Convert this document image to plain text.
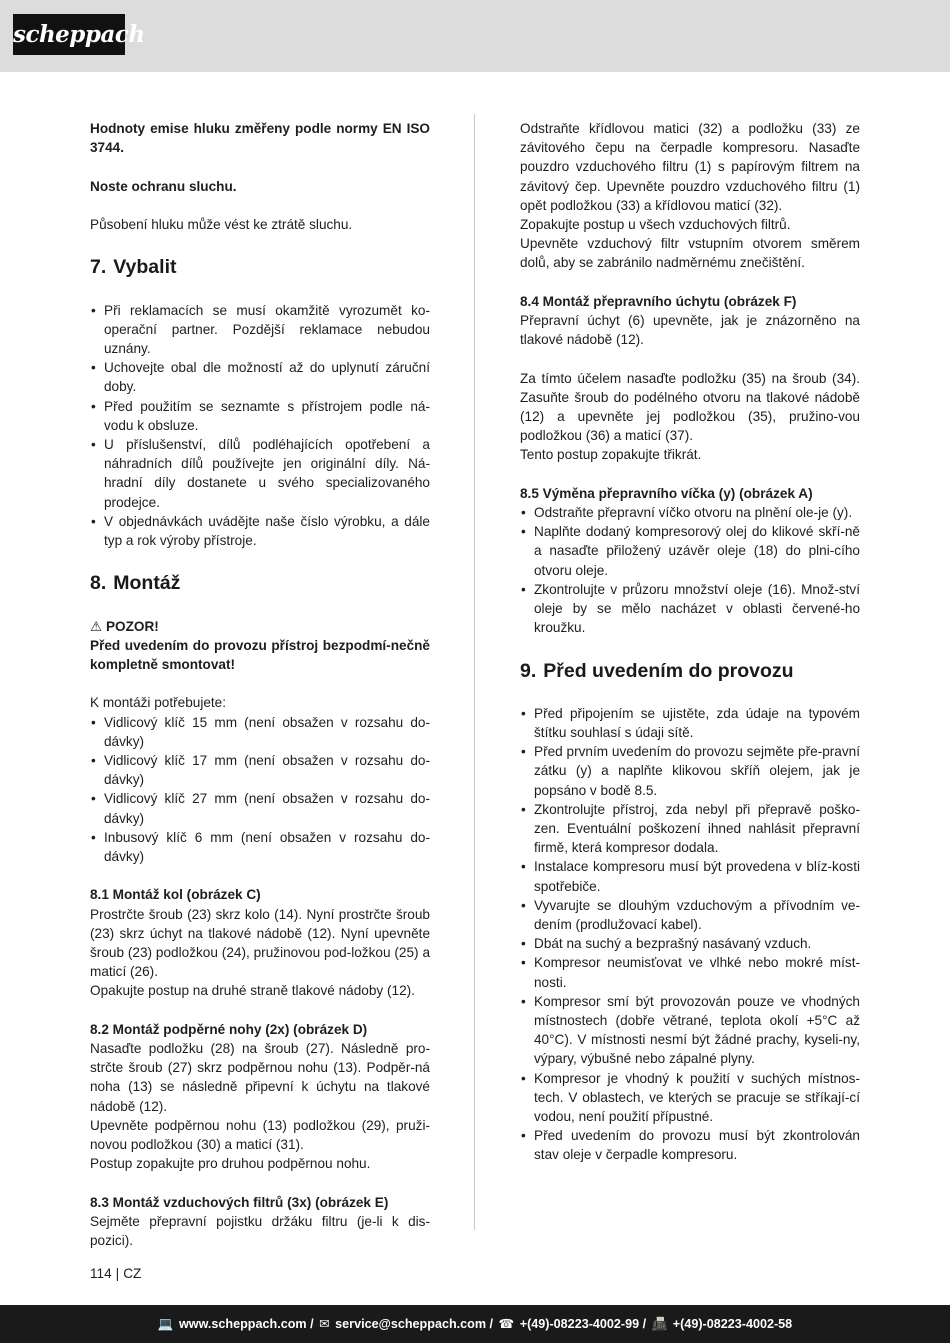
scheppach

Hodnoty emise hluku změřeny podle normy EN ISO 3744.

Noste ochranu sluchu.

Působení hluku může vést ke ztrátě sluchu.

7. Vybalit
• Při reklamacích se musí okamžitě vyrozumět ko-operační partner. Pozdější reklamace nebudou uznány.
• Uchovejte obal dle možností až do uplynutí záruční doby.
• Před použitím se seznamte s přístrojem podle ná-vodu k obsluze.
• U příslušenství, dílů podléhajících opotřebení a náhradních dílů používejte jen originální díly. Ná-hradní díly dostanete u svého specializovaného prodejce.
• V objednávkách uvádějte naše číslo výrobku, a dále typ a rok výroby přístroje.
8. Montáž

⚠ POZOR!

Před uvedením do provozu přístroj bezpodmí-nečně kompletně smontovat!

K montáži potřebujete:

• Vidlicový klíč 15 mm (není obsažen v rozsahu do-dávky)
• Vidlicový klíč 17 mm (není obsažen v rozsahu do-dávky)
• Vidlicový klíč 27 mm (není obsažen v rozsahu do-dávky)
• Inbusový klíč 6 mm (není obsažen v rozsahu do-dávky)

8.1 Montáž kol (obrázek C)

Prostrčte šroub (23) skrz kolo (14). Nyní prostrčte šroub (23) skrz úchyt na tlakové nádobě (12). Nyní upevněte šroub (23) podložkou (24), pružinovou pod-ložkou (25) a maticí (26).

Opakujte postup na druhé straně tlakové nádoby (12).

8.2 Montáž podpěrné nohy (2x) (obrázek D)

Nasaďte podložku (28) na šroub (27). Následně pro-strčte šroub (27) skrz podpěrnou nohu (13). Podpěr-ná noha (13) se následně připevní k úchytu na tlakové nádobě (12).

Upevněte podpěrnou nohu (13) podložkou (29), pruži-novou podložkou (30) a maticí (31).

Postup zopakujte pro druhou podpěrnou nohu.

8.3 Montáž vzduchových filtrů (3x) (obrázek E)

Sejměte přepravní pojistku držáku filtru (je-li k dis-pozici).

Odstraňte křídlovou matici (32) a podložku (33) ze závitového čepu na čerpadle kompresoru. Nasaďte pouzdro vzduchového filtru (1) s papírovým filtrem na závitový čep. Upevněte pouzdro vzduchového filtru (1) opět podložkou (33) a křídlovou maticí (32).

Zopakujte postup u všech vzduchových filtrů.

Upevněte vzduchový filtr vstupním otvorem směrem dolů, aby se zabránilo nadměrnému znečištění.

8.4 Montáž přepravního úchytu (obrázek F)

Přepravní úchyt (6) upevněte, jak je znázorněno na tlakové nádobě (12).

Za tímto účelem nasaďte podložku (35) na šroub (34). Zasuňte šroub do podélného otvoru na tlakové nádobě (12) a upevněte jej podložkou (35), pružino-vou podložkou (36) a maticí (37).

Tento postup zopakujte třikrát.

8.5 Výměna přepravního víčka (y) (obrázek A)

• Odstraňte přepravní víčko otvoru na plnění ole-je (y).
• Naplňte dodaný kompresorový olej do klikové skří-ně a nasaďte přiložený uzávěr oleje (18) do plni-cího otvoru oleje.
• Zkontrolujte v průzoru množství oleje (16). Množ-ství oleje by se mělo nacházet v oblasti červené-ho kroužku.
9. Před uvedením do provozu
• Před připojením se ujistěte, zda údaje na typovém štítku souhlasí s údaji sítě.
• Před prvním uvedením do provozu sejměte pře-pravní zátku (y) a naplňte klikovou skříň olejem, jak je popsáno v bodě 8.5.
• Zkontrolujte přístroj, zda nebyl při přepravě poško-zen. Eventuální poškození ihned nahlásit přepravní firmě, která kompresor dodala.
• Instalace kompresoru musí být provedena v blíz-kosti spotřebiče.
• Vyvarujte se dlouhým vzduchovým a přívodním ve-dením (prodlužovací kabel).
• Dbát na suchý a bezprašný nasávaný vzduch.
• Kompresor neumisťovat ve vlhké nebo mokré míst-nosti.
• Kompresor smí být provozován pouze ve vhodných místnostech (dobře větrané, teplota okolí +5°C až 40°C). V místnosti nesmí být žádné prachy, kyseli-ny, výpary, výbušné nebo zápalné plyny.
• Kompresor je vhodný k použití v suchých místnos-tech. V oblastech, ve kterých se pracuje se stříkají-cí vodou, není použití přípustné.
• Před uvedením do provozu musí být zkontrolován stav oleje v čerpadle kompresoru.
114 | CZ
💻 www.scheppach.com / ✉ service@scheppach.com / ☎ +(49)-08223-4002-99 / 📠 +(49)-08223-4002-58
